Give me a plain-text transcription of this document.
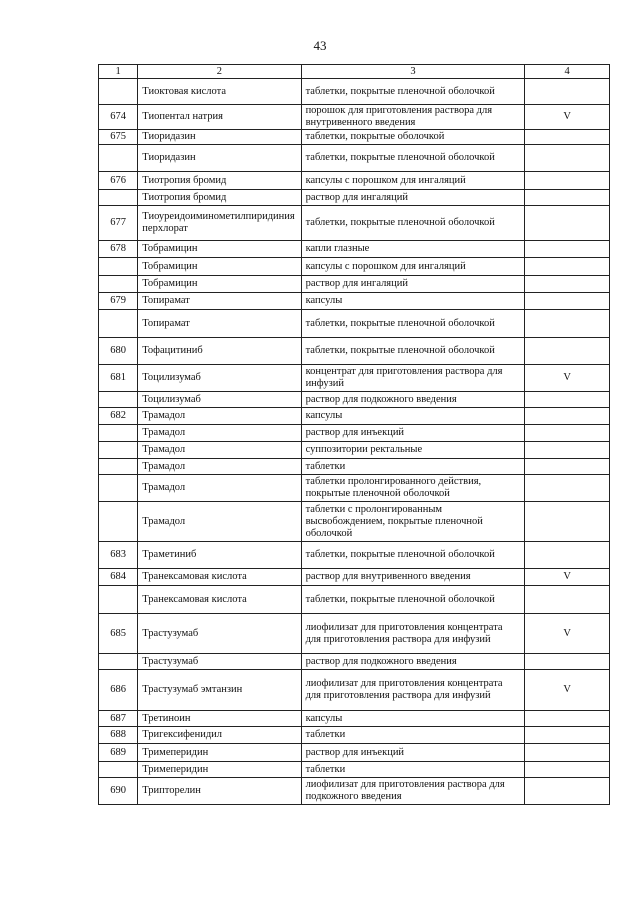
43
1	2	3	4
	Тиоктовая кислота	таблетки, покрытые пленочной оболочкой	
674	Тиопентал натрия	порошок для приготовления раствора для внутривенного введения	V
675	Тиоридазин	таблетки, покрытые оболочкой	
	Тиоридазин	таблетки, покрытые пленочной оболочкой	
676	Тиотропия бромид	капсулы с порошком для ингаляций	
	Тиотропия бромид	раствор для ингаляций	
677	Тиоуреидоиминометилпиридиния перхлорат	таблетки, покрытые пленочной оболочкой	
678	Тобрамицин	капли глазные	
	Тобрамицин	капсулы с порошком для ингаляций	
	Тобрамицин	раствор для ингаляций	
679	Топирамат	капсулы	
	Топирамат	таблетки, покрытые пленочной оболочкой	
680	Тофацитиниб	таблетки, покрытые пленочной оболочкой	
681	Тоцилизумаб	концентрат для приготовления раствора для инфузий	V
	Тоцилизумаб	раствор для подкожного введения	
682	Трамадол	капсулы	
	Трамадол	раствор для инъекций	
	Трамадол	суппозитории ректальные	
	Трамадол	таблетки	
	Трамадол	таблетки пролонгированного действия, покрытые пленочной оболочкой	
	Трамадол	таблетки с пролонгированным высвобождением, покрытые пленочной оболочкой	
683	Траметиниб	таблетки, покрытые пленочной оболочкой	
684	Транексамовая кислота	раствор для внутривенного введения	V
	Транексамовая кислота	таблетки, покрытые пленочной оболочкой	
685	Трастузумаб	лиофилизат для приготовления концентрата для приготовления раствора для инфузий	V
	Трастузумаб	раствор для подкожного введения	
686	Трастузумаб эмтанзин	лиофилизат для приготовления концентрата для приготовления раствора для инфузий	V
687	Третиноин	капсулы	
688	Тригексифенидил	таблетки	
689	Тримеперидин	раствор для инъекций	
	Тримеперидин	таблетки	
690	Трипторелин	лиофилизат для приготовления раствора для подкожного введения	
